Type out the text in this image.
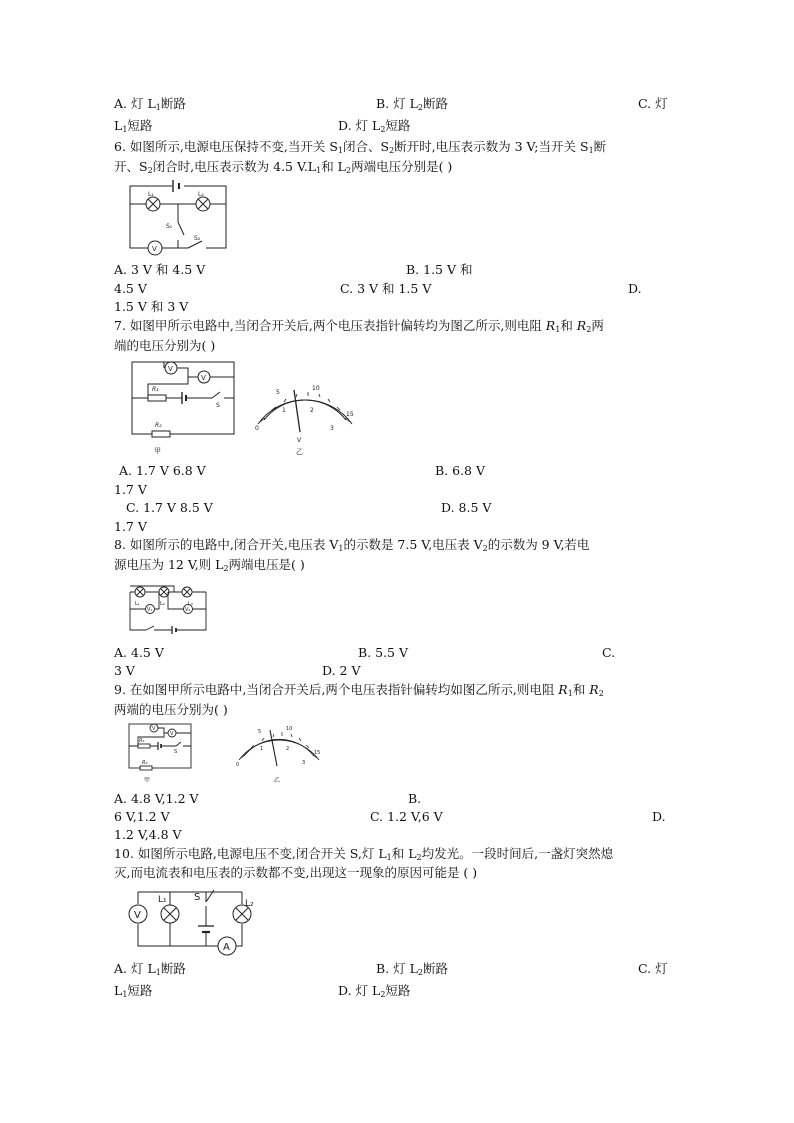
A. 灯 $L_1$断路	B. 灯 $L_2$断路	C. 灯
$L_1$短路	D. 灯 $L_2$短路
6. 如图所示,电源电压保持不变,当开关 $S_1$闭合、$S_2$断开时,电压表示数为 3 V;当开关 $S_1$断
开、$S_2$闭合时,电压表示数为 4.5 $V.L_1$和 $L_2$两端电压分别是( )
L₁	L₂
S₁
S₂
V
A. 3 V 和 4.5 V	B. 1.5 V 和
4.5 V	C. 3 V 和 1.5 V	D.
1.5 V 和 3 V
7. 如图甲所示电路中,当闭合开关后,两个电压表指针偏转均为图乙所示,则电阻 $R_1$和 $R_2$两
端的电压分别为( )
V
V
R₁
R₂
S
甲
0
5
10
15
1	2
3
V
乙
A. 1.7 V 6.8 V	B. 6.8 V
1.7 V
C. 1.7 V 8.5 V	D. 8.5 V
1.7 V
8. 如图所示的电路中,闭合开关,电压表 $V_1$的示数是 7.5 V,电压表 $V_2$的示数为 9 V,若电
源电压为 12 V,则 $L_2$两端电压是( )
L₁	L₂	L₃
V₁	V₂
A. 4.5 V	B. 5.5 V	C.
3 V	D. 2 V
9. 在如图甲所示电路中,当闭合开关后,两个电压表指针偏转均如图乙所示,则电阻 $R_1$和 $R_2$
两端的电压分别为( )
V
V
R₁
R₂
S
甲
0
5	10
15
1	2
3
乙
A. 4.8 V,1.2 V	B.
6 V,1.2 V	C. 1.2 V,6 V	D.
1.2 V,4.8 V
10. 如图所示电路,电源电压不变,闭合开关 S,灯 $L_1$和 $L_2$均发光。一段时间后,一盏灯突然熄
灭,而电流表和电压表的示数都不变,出现这一现象的原因可能是 ( )
V
L₁	L₂
S
A
A. 灯 $L_1$断路	B. 灯 $L_2$断路	C. 灯
$L_1$短路	D. 灯 $L_2$短路
